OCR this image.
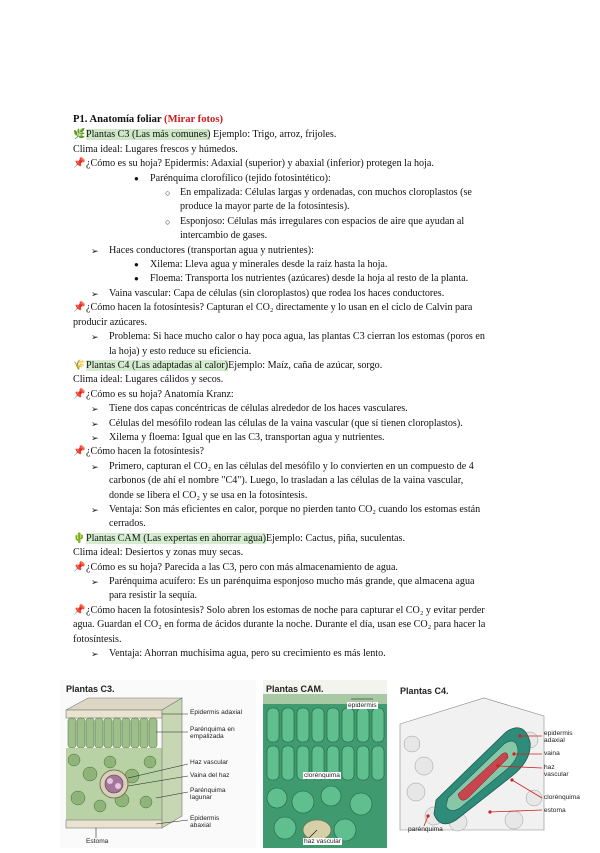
P1. Anatomía foliar (Mirar fotos)
🌿Plantas C3 (Las más comunes) Ejemplo: Trigo, arroz, frijoles.
Clima ideal: Lugares frescos y húmedos.
📌¿Cómo es su hoja? Epidermis: Adaxial (superior) y abaxial (inferior) protegen la hoja.
● Parénquima clorofílico (tejido fotosintético):
○ En empalizada: Células largas y ordenadas, con muchos cloroplastos (se
produce la mayor parte de la fotosíntesis).
○ Esponjoso: Células más irregulares con espacios de aire que ayudan al
intercambio de gases.
➢ Haces conductores (transportan agua y nutrientes):
● Xilema: Lleva agua y minerales desde la raíz hasta la hoja.
● Floema: Transporta los nutrientes (azúcares) desde la hoja al resto de la planta.
➢ Vaina vascular: Capa de células (sin cloroplastos) que rodea los haces conductores.
📌¿Cómo hacen la fotosíntesis? Capturan el CO₂ directamente y lo usan en el ciclo de Calvin para
producir azúcares.
➢ Problema: Si hace mucho calor o hay poca agua, las plantas C3 cierran los estomas (poros en
la hoja) y esto reduce su eficiencia.
🌾Plantas C4 (Las adaptadas al calor)Ejemplo: Maíz, caña de azúcar, sorgo.
Clima ideal: Lugares cálidos y secos.
📌¿Cómo es su hoja? Anatomía Kranz:
➢ Tiene dos capas concéntricas de células alrededor de los haces vasculares.
➢ Células del mesófilo rodean las células de la vaina vascular (que sí tienen cloroplastos).
➢ Xilema y floema: Igual que en las C3, transportan agua y nutrientes.
📌¿Cómo hacen la fotosíntesis?
➢ Primero, capturan el CO₂ en las células del mesófilo y lo convierten en un compuesto de 4
carbonos (de ahí el nombre "C4"). Luego, lo trasladan a las células de la vaina vascular,
donde se libera el CO₂ y se usa en la fotosíntesis.
➢ Ventaja: Son más eficientes en calor, porque no pierden tanto CO₂ cuando los estomas están
cerrados.
🌵Plantas CAM (Las expertas en ahorrar agua)Ejemplo: Cactus, piña, suculentas.
Clima ideal: Desiertos y zonas muy secas.
📌¿Cómo es su hoja? Parecida a las C3, pero con más almacenamiento de agua.
➢ Parénquima acuífero: Es un parénquima esponjoso mucho más grande, que almacena agua
para resistir la sequía.
📌¿Cómo hacen la fotosíntesis? Solo abren los estomas de noche para capturar el CO₂ y evitar perder
agua. Guardan el CO₂ en forma de ácidos durante la noche. Durante el día, usan ese CO₂ para hacer la
fotosíntesis.
➢ Ventaja: Ahorran muchísima agua, pero su crecimiento es más lento.
Plantas C3.
Epidermis adaxial
Parénquima en empalizada
Haz vascular
Vaina del haz
Parénquima lagunar
Epidermis abaxial
Estoma
Plantas CAM.
epidermis
clorénquima
haz vascular
Plantas C4.
epidermis adaxial
vaina
haz vascular
clorénquima
estoma
parénquima
